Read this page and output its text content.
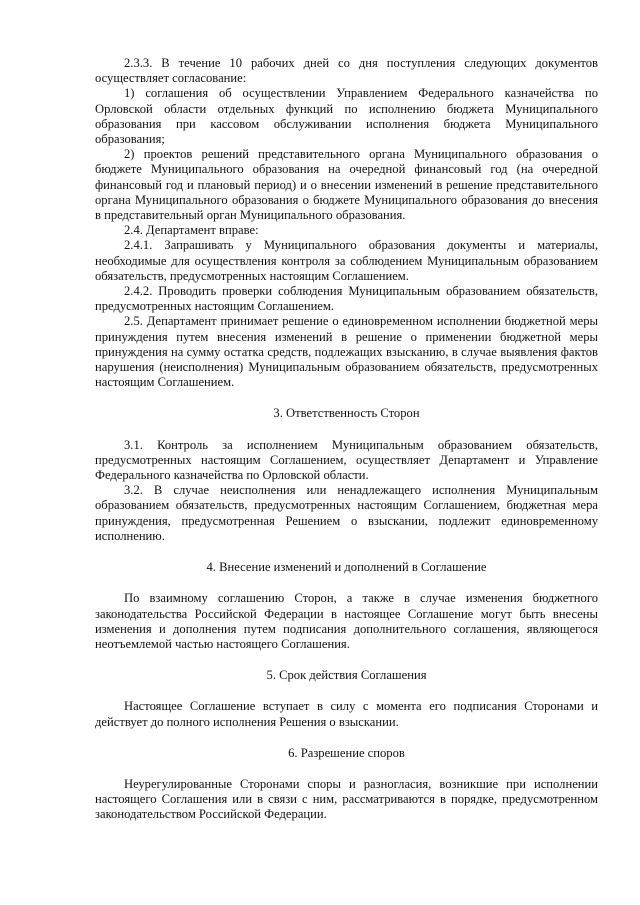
2.3.3. В течение 10 рабочих дней со дня поступления следующих документов осуществляет согласование:

1) соглашения об осуществлении Управлением Федерального казначейства по Орловской области отдельных функций по исполнению бюджета Муниципального образования при кассовом обслуживании исполнения бюджета Муниципального образования;

2) проектов решений представительного органа Муниципального образования о бюджете Муниципального образования на очередной финансовый год (на очередной финансовый год и плановый период) и о внесении изменений в решение представительного органа Муниципального образования о бюджете Муниципального образования до внесения в представительный орган Муниципального образования.

2.4. Департамент вправе:

2.4.1. Запрашивать у Муниципального образования документы и материалы, необходимые для осуществления контроля за соблюдением Муниципальным образованием обязательств, предусмотренных настоящим Соглашением.

2.4.2. Проводить проверки соблюдения Муниципальным образованием обязательств, предусмотренных настоящим Соглашением.

2.5. Департамент принимает решение о единовременном исполнении бюджетной меры принуждения путем внесения изменений в решение о применении бюджетной меры принуждения на сумму остатка средств, подлежащих взысканию, в случае выявления фактов нарушения (неисполнения) Муниципальным образованием обязательств, предусмотренных настоящим Соглашением.

3. Ответственность Сторон

3.1. Контроль за исполнением Муниципальным образованием обязательств, предусмотренных настоящим Соглашением, осуществляет Департамент и Управление Федерального казначейства по Орловской области.

3.2. В случае неисполнения или ненадлежащего исполнения Муниципальным образованием обязательств, предусмотренных настоящим Соглашением, бюджетная мера принуждения, предусмотренная Решением о взыскании, подлежит единовременному исполнению.

4. Внесение изменений и дополнений в Соглашение

По взаимному соглашению Сторон, а также в случае изменения бюджетного законодательства Российской Федерации в настоящее Соглашение могут быть внесены изменения и дополнения путем подписания дополнительного соглашения, являющегося неотъемлемой частью настоящего Соглашения.

5. Срок действия Соглашения

Настоящее Соглашение вступает в силу с момента его подписания Сторонами и действует до полного исполнения Решения о взыскании.

6. Разрешение споров

Неурегулированные Сторонами споры и разногласия, возникшие при исполнении настоящего Соглашения или в связи с ним, рассматриваются в порядке, предусмотренном законодательством Российской Федерации.
